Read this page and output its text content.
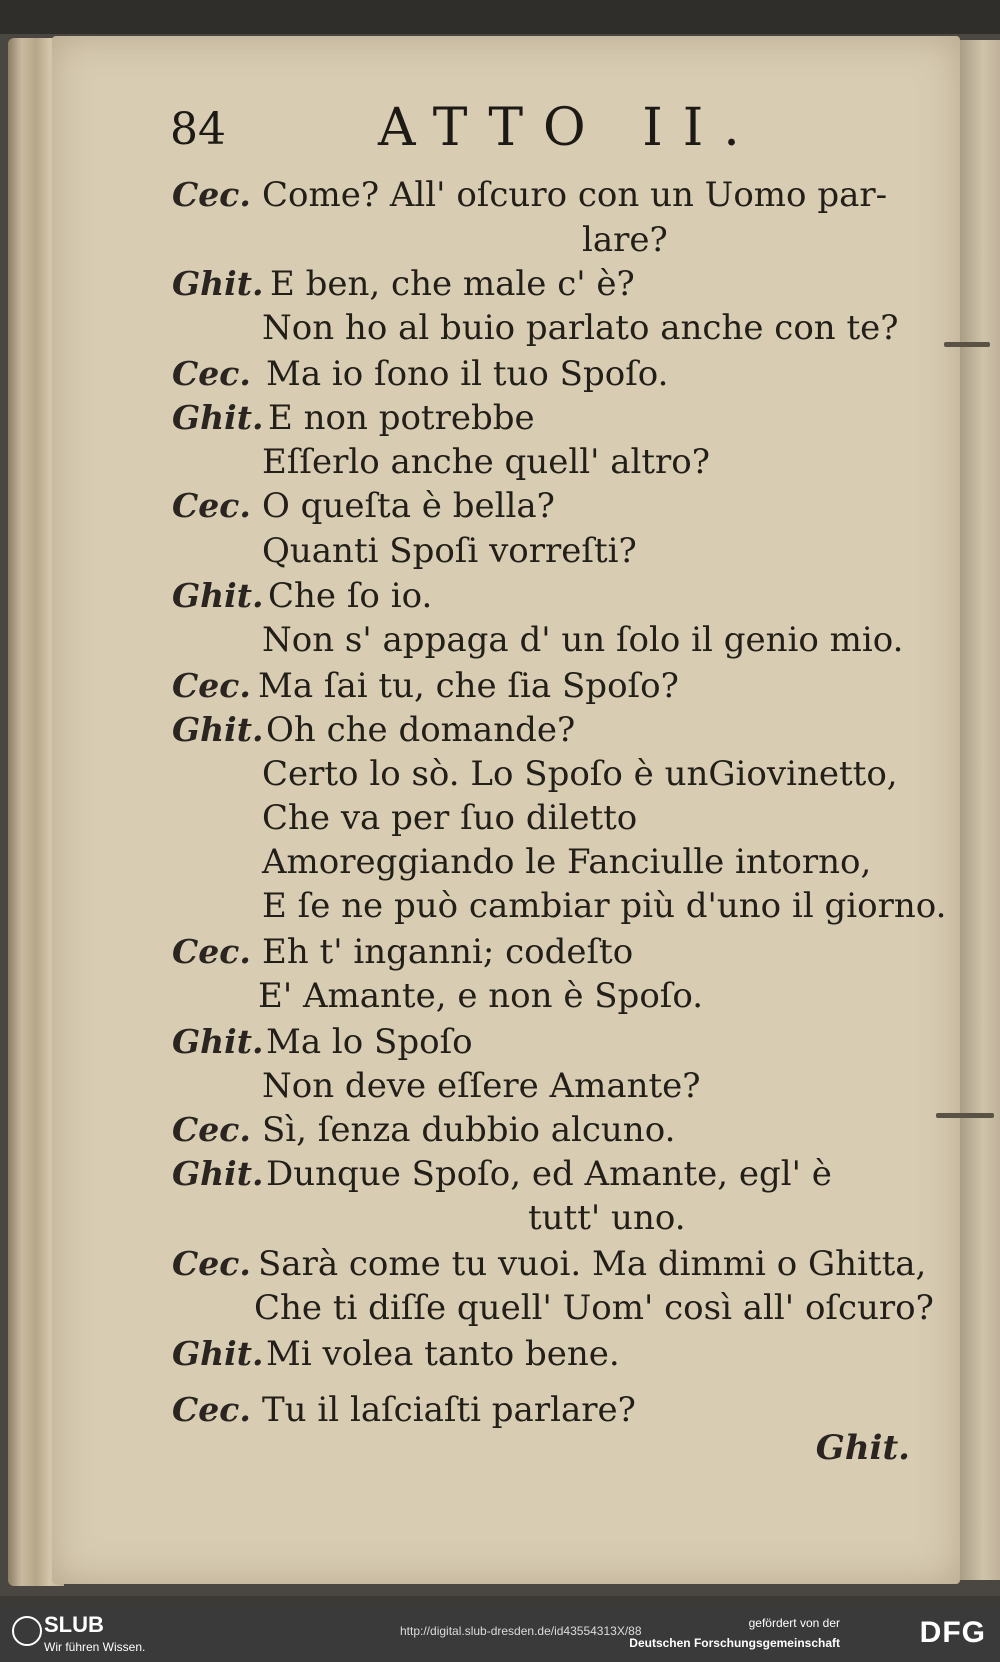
84	ATTO II.
Cec. Come? All' oſcuro con un Uomo par-
lare?
Ghit. E ben, che male c' è?
Non ho al buio parlato anche con te?
Cec. Ma io ſono il tuo Spoſo.
Ghit. E non potrebbe
Eſſerlo anche quell' altro?
Cec. O queſta è bella?
Quanti Spoſi vorreſti?
Ghit. Che ſo io.
Non s' appaga d' un ſolo il genio mio.
Cec. Ma ſai tu, che ſia Spoſo?
Ghit. Oh che domande?
Certo lo sò. Lo Spoſo è unGiovinetto,
Che va per ſuo diletto
Amoreggiando le Fanciulle intorno,
E ſe ne può cambiar più d'uno il giorno.
Cec. Eh t' inganni; codeſto
E' Amante, e non è Spoſo.
Ghit. Ma lo Spoſo
Non deve eſſere Amante?
Cec. Sì, ſenza dubbio alcuno.
Ghit. Dunque Spoſo, ed Amante, egl' è
tutt' uno.
Cec. Sarà come tu vuoi. Ma dimmi o Ghitta,
Che ti diſſe quell' Uom' così all' oſcuro?
Ghit. Mi volea tanto bene.
Cec. Tu il laſciaſti parlare?
Ghit.
SLUB
Wir führen Wissen.
http://digital.slub-dresden.de/id43554313X/88
gefördert von der
Deutschen Forschungsgemeinschaft	DFG
